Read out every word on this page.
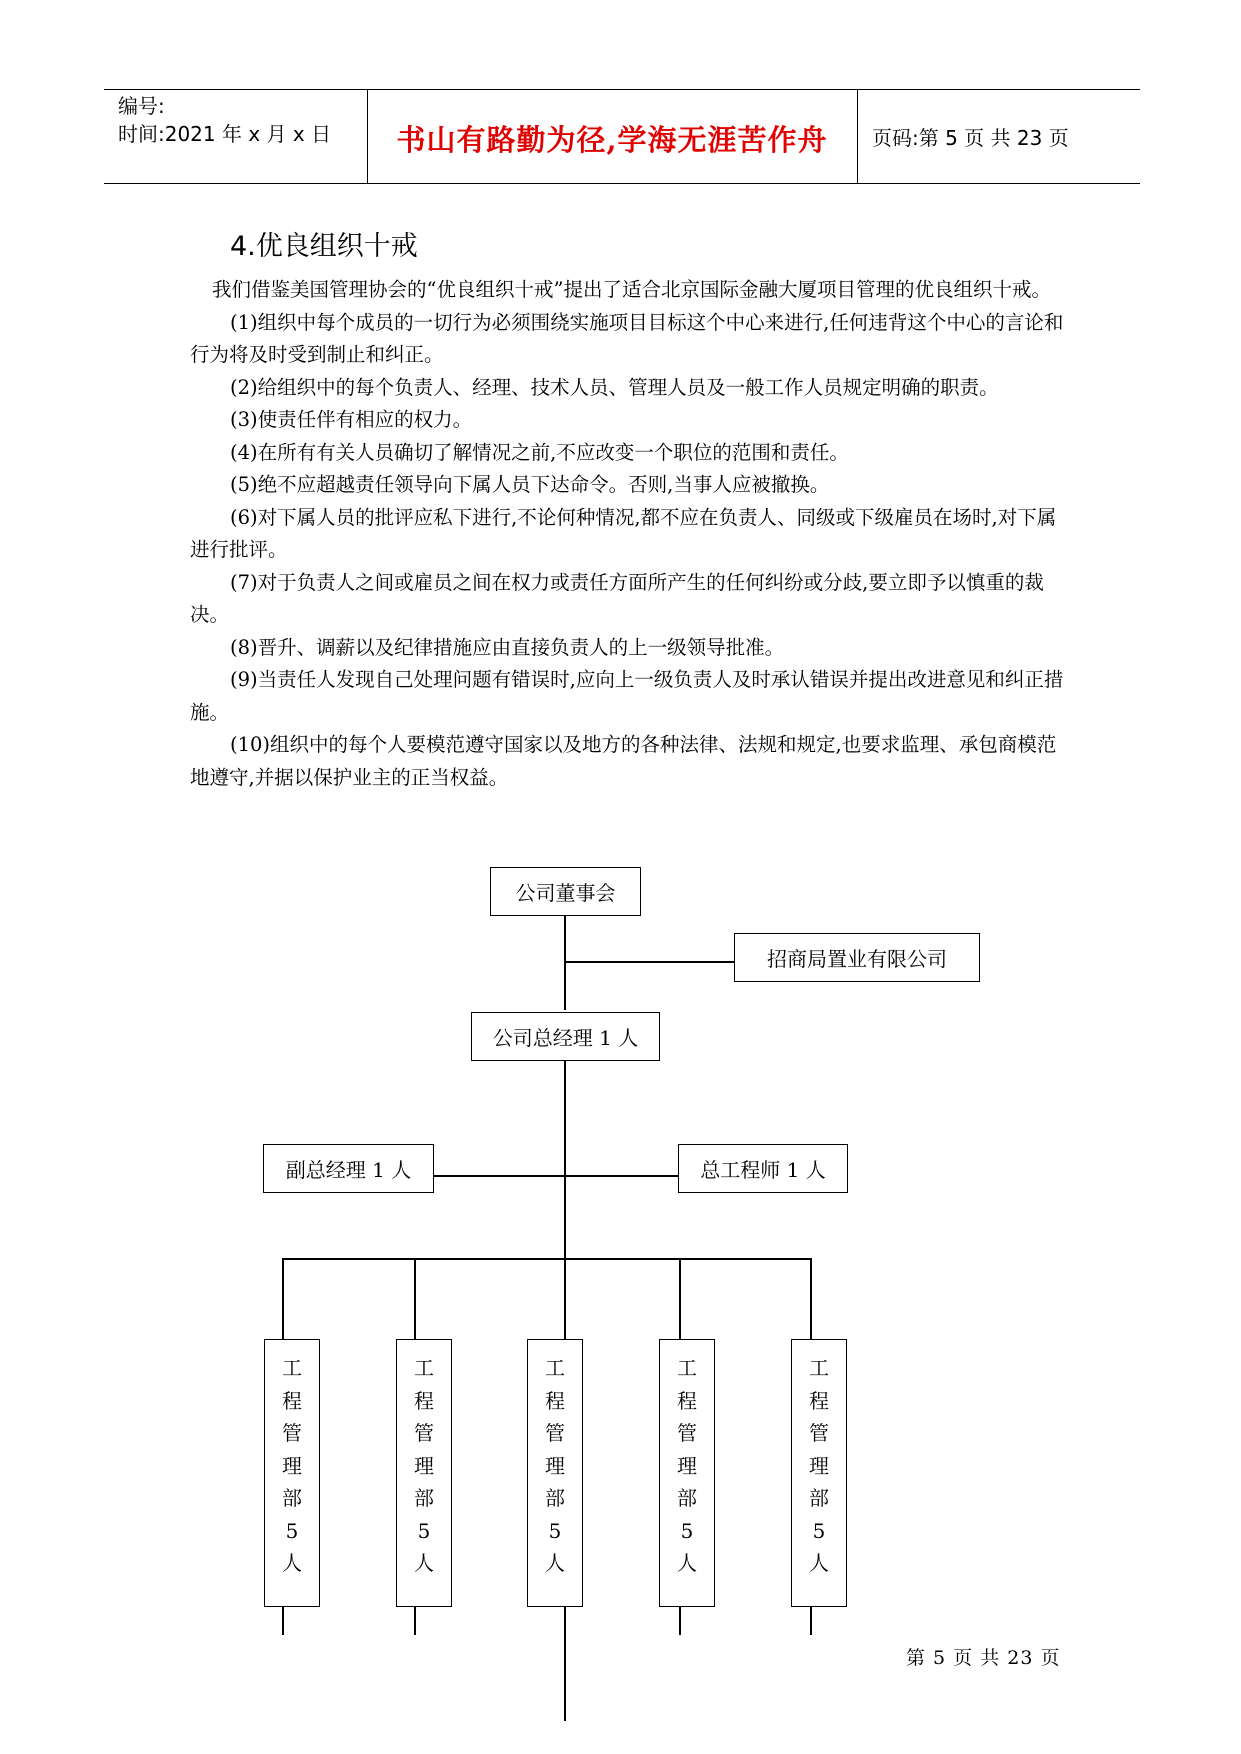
编号:
时间:2021 年 x 月 x 日	书山有路勤为径,学海无涯苦作舟	页码:第 5 页 共 23 页
4.优良组织十戒

我们借鉴美国管理协会的“优良组织十戒”提出了适合北京国际金融大厦项目管理的优良组织十戒。

(1)组织中每个成员的一切行为必须围绕实施项目目标这个中心来进行,任何违背这个中心的言论和行为将及时受到制止和纠正。

(2)给组织中的每个负责人、经理、技术人员、管理人员及一般工作人员规定明确的职责。

(3)使责任伴有相应的权力。

(4)在所有有关人员确切了解情况之前,不应改变一个职位的范围和责任。

(5)绝不应超越责任领导向下属人员下达命令。否则,当事人应被撤换。

(6)对下属人员的批评应私下进行,不论何种情况,都不应在负责人、同级或下级雇员在场时,对下属进行批评。

(7)对于负责人之间或雇员之间在权力或责任方面所产生的任何纠纷或分歧,要立即予以慎重的裁决。

(8)晋升、调薪以及纪律措施应由直接负责人的上一级领导批准。

(9)当责任人发现自己处理问题有错误时,应向上一级负责人及时承认错误并提出改进意见和纠正措施。

(10)组织中的每个人要模范遵守国家以及地方的各种法律、法规和规定,也要求监理、承包商模范地遵守,并据以保护业主的正当权益。

公司董事会
招商局置业有限公司
公司总经理 1 人
副总经理 1 人	总工程师 1 人
工
程
管
理
部
5
人
工
程
管
理
部
5
人
工
程
管
理
部
5
人
工
程
管
理
部
5
人
工
程
管
理
部
5
人
第 5 页 共 23 页
